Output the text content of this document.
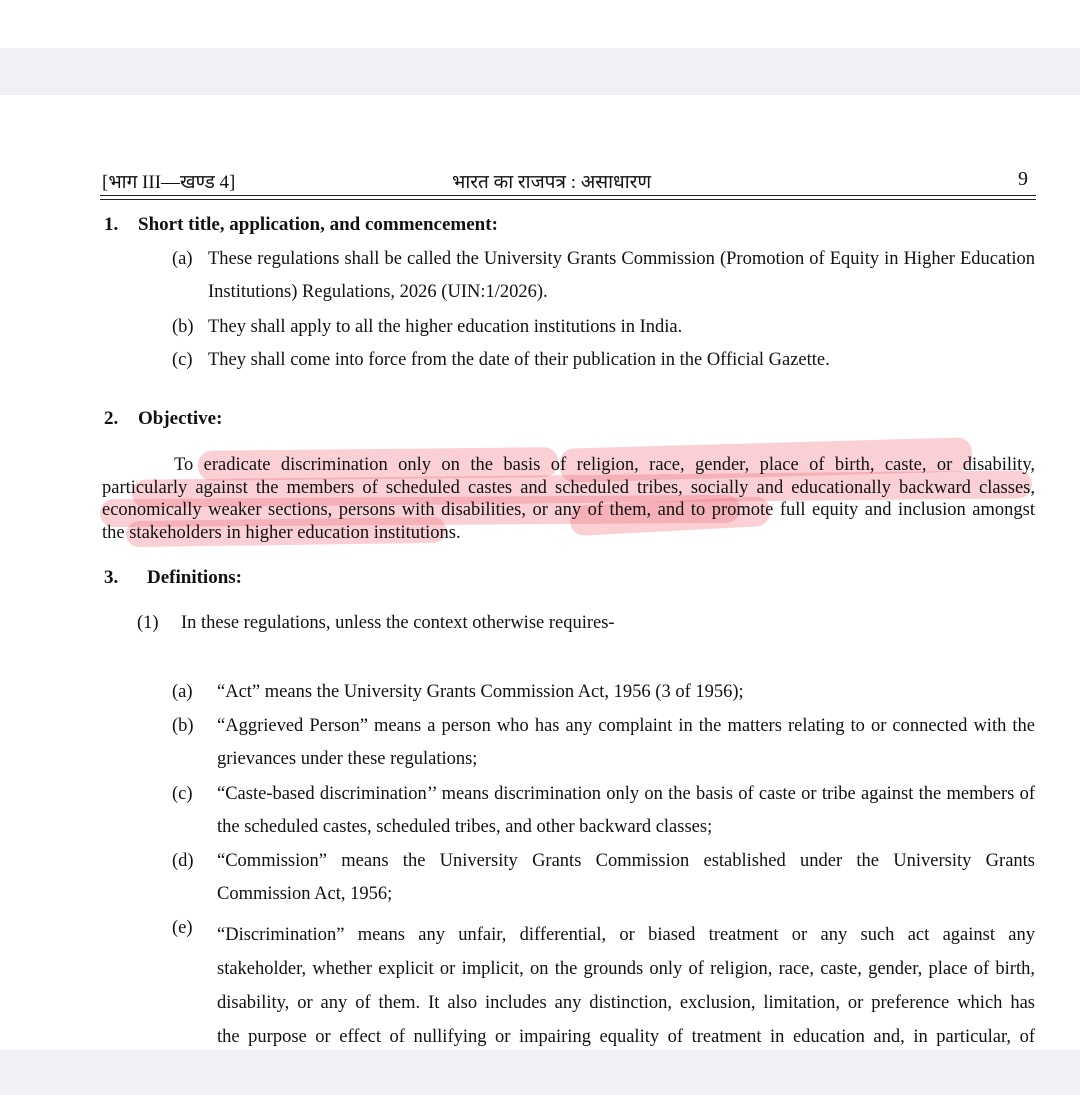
[भाग III—खण्ड 4]	भारत का राजपत्र : असाधारण	9
1. Short title, application, and commencement:
(a) These regulations shall be called the University Grants Commission (Promotion of Equity in Higher Education
Institutions) Regulations, 2026 (UIN:1/2026).
(b) They shall apply to all the higher education institutions in India.
(c) They shall come into force from the date of their publication in the Official Gazette.
2. Objective:
To eradicate discrimination only on the basis of religion, race, gender, place of birth, caste, or disability,
particularly against the members of scheduled castes and scheduled tribes, socially and educationally backward classes,
economically weaker sections, persons with disabilities, or any of them, and to promote full equity and inclusion amongst
the stakeholders in higher education institutions.
3. Definitions:
(1) In these regulations, unless the context otherwise requires-
(a) “Act” means the University Grants Commission Act, 1956 (3 of 1956);
(b) “Aggrieved Person” means a person who has any complaint in the matters relating to or connected with the
grievances under these regulations;
(c) “Caste-based discrimination’’ means discrimination only on the basis of caste or tribe against the members of
the scheduled castes, scheduled tribes, and other backward classes;
(d) “Commission” means the University Grants Commission established under the University Grants
Commission Act, 1956;
(e) “Discrimination” means any unfair, differential, or biased treatment or any such act against any
stakeholder, whether explicit or implicit, on the grounds only of religion, race, caste, gender, place of birth,
disability, or any of them. It also includes any distinction, exclusion, limitation, or preference which has
the purpose or effect of nullifying or impairing equality of treatment in education and, in particular, of
